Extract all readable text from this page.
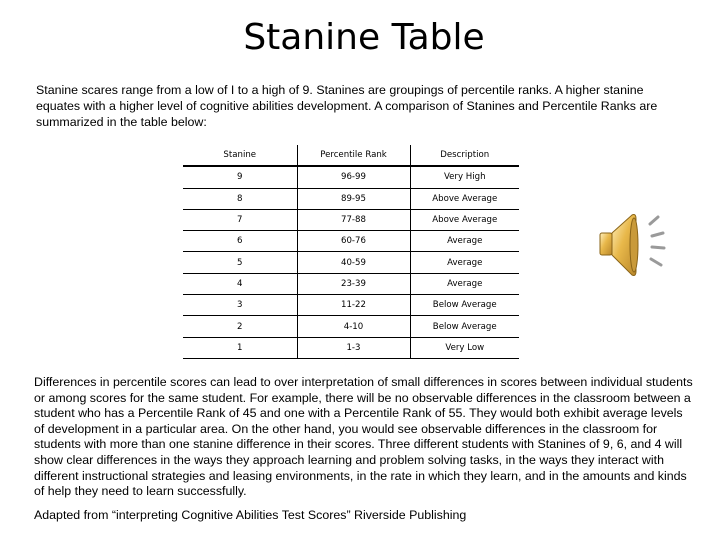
Stanine Table
Stanine scares range from a low of I to a high of 9. Stanines are groupings of percentile ranks. A higher stanine equates with a higher level of cognitive abilities development. A comparison of Stanines and Percentile Ranks are summarized in the table below:
Stanine	Percentile Rank	Description
9	96-99	Very High
8	89-95	Above Average
7	77-88	Above Average
6	60-76	Average
5	40-59	Average
4	23-39	Average
3	11-22	Below Average
2	4-10	Below Average
1	1-3	Very Low
Differences in percentile scores can lead to over interpretation of small differences in scores between individual students or among scores for the same student. For example, there will be no observable differences in the classroom between a student who has a Percentile Rank of 45 and one with a Percentile Rank of 55. They would both exhibit average levels of development in a particular area. On the other hand, you would see observable differences in the classroom for students with more than one stanine difference in their scores. Three different students with Stanines of 9, 6, and 4 will show clear differences in the ways they approach learning and problem solving tasks, in the ways they interact with different instructional strategies and leasing environments, in the rate in which they learn, and in the amounts and kinds of help they need to learn successfully.
Adapted from “interpreting Cognitive Abilities Test Scores” Riverside Publishing
